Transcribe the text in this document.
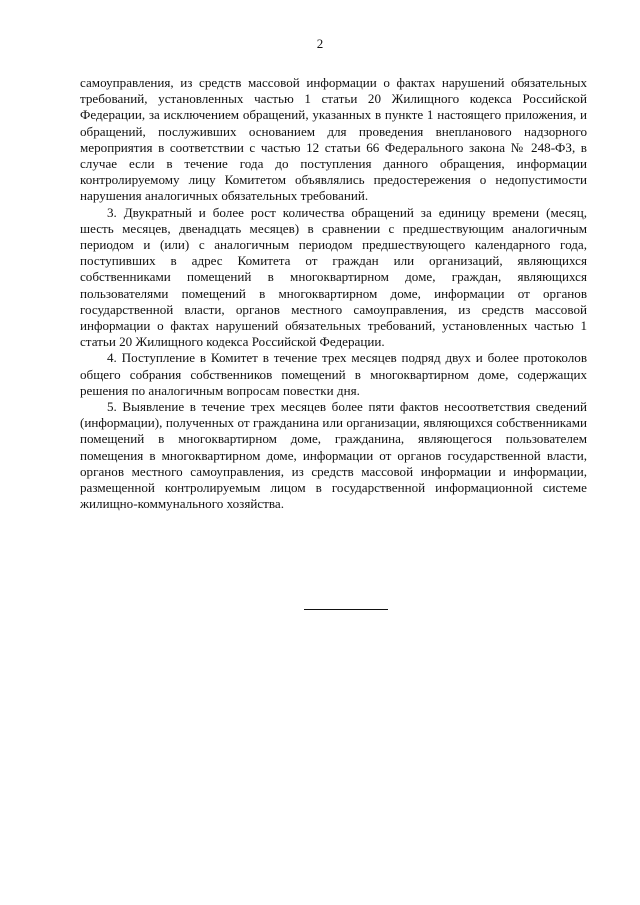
2

самоуправления, из средств массовой информации о фактах нарушений обязательных требований, установленных частью 1 статьи 20 Жилищного кодекса Российской Федерации, за исключением обращений, указанных в пункте 1 настоящего приложения, и обращений, послуживших основанием для проведения внепланового надзорного мероприятия в соответствии с частью 12 статьи 66 Федерального закона № 248-ФЗ, в случае если в течение года до поступления данного обращения, информации контролируемому лицу Комитетом объявлялись предостережения о недопустимости нарушения аналогичных обязательных требований.

3. Двукратный и более рост количества обращений за единицу времени (месяц, шесть месяцев, двенадцать месяцев) в сравнении с предшествующим аналогичным периодом и (или) с аналогичным периодом предшествующего календарного года, поступивших в адрес Комитета от граждан или организаций, являющихся собственниками помещений в многоквартирном доме, граждан, являющихся пользователями помещений в многоквартирном доме, информации от органов государственной власти, органов местного самоуправления, из средств массовой информации о фактах нарушений обязательных требований, установленных частью 1 статьи 20 Жилищного кодекса Российской Федерации.

4. Поступление в Комитет в течение трех месяцев подряд двух и более протоколов общего собрания собственников помещений в многоквартирном доме, содержащих решения по аналогичным вопросам повестки дня.

5. Выявление в течение трех месяцев более пяти фактов несоответствия сведений (информации), полученных от гражданина или организации, являющихся собственниками помещений в многоквартирном доме, гражданина, являющегося пользователем помещения в многоквартирном доме, информации от органов государственной власти, органов местного самоуправления, из средств массовой информации и информации, размещенной контролируемым лицом в государственной информационной системе жилищно-коммунального хозяйства.
